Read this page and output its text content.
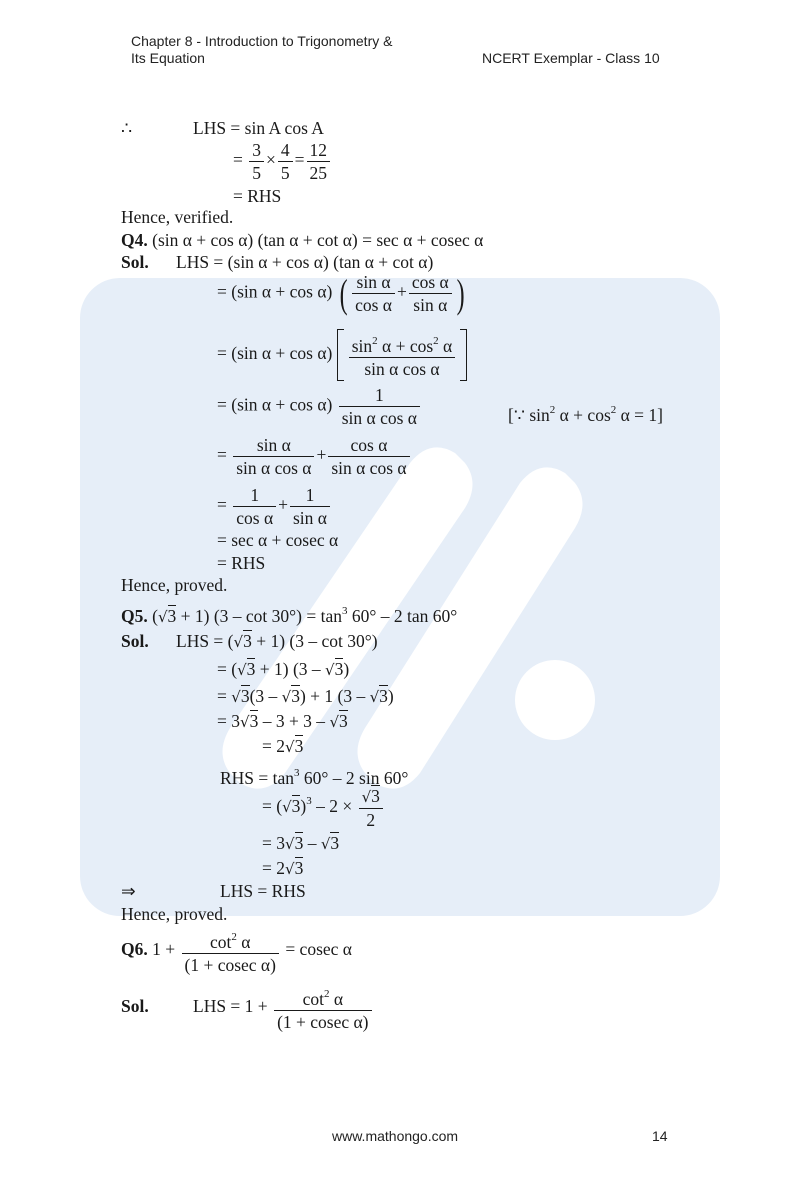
Chapter 8 - Introduction to Trigonometry &
Its Equation	NCERT Exemplar - Class 10
∴	LHS = sin A cos A
= $\frac{3}{5} \times \frac{4}{5} = \frac{12}{25}$
= RHS
Hence, verified.
Q4. (sin α + cos α) (tan α + cot α) = sec α + cosec α
Sol. LHS = (sin α + cos α) (tan α + cot α)
= (sin α + cos α) ( $\frac{\text{sin α}}{\text{cos α}} + \frac{\text{cos α}}{\text{sin α}}$ )
= (sin $\alpha + \cos \alpha) \frac{\sin^2 \alpha + \cos^2 \alpha}{\text{sin α cos α}}$
= (sin $\alpha + \cos \alpha) \frac{1}{\text{sin α cos α}}$	[∵ $\sin^2 \alpha + \cos^2 \alpha = 1$]
= $\frac{\text{sin α}}{\text{sin α cos α}} + \frac{\text{cos α}}{\text{sin α cos α}}$
= $\frac{1}{\text{cos α}} + \frac{1}{\text{sin α}}$
= sec α + cosec α
= RHS
Hence, proved.
Q5. (√3 + 1) $(3 - \cot 30^\circ) = \tan^3 60^\circ - 2$ tan 60°
Sol. LHS = (√3 + 1) (3 – cot 30°)
= (√3 + 1) (3 – √3)
= √3(3 – √3) + 1 (3 – √3)
= 3√3 – 3 + 3 – √3
= 2√3
RHS = $\tan^3 60^\circ - 2$ sin 60°
= $(√3)^3 - 2 \times \frac{√3}{2}$
= 3√3 – √3
= 2√3
⇒	LHS = RHS
Hence, proved.
Q6. $1 + \frac{\cot^2 \alpha}{\text{(1 + cosec α)}} = cosec$ α
Sol.	LHS = $1 + \frac{\cot^2 \alpha}{\text{(1 + cosec α)}}$
www.mathongo.com	14
